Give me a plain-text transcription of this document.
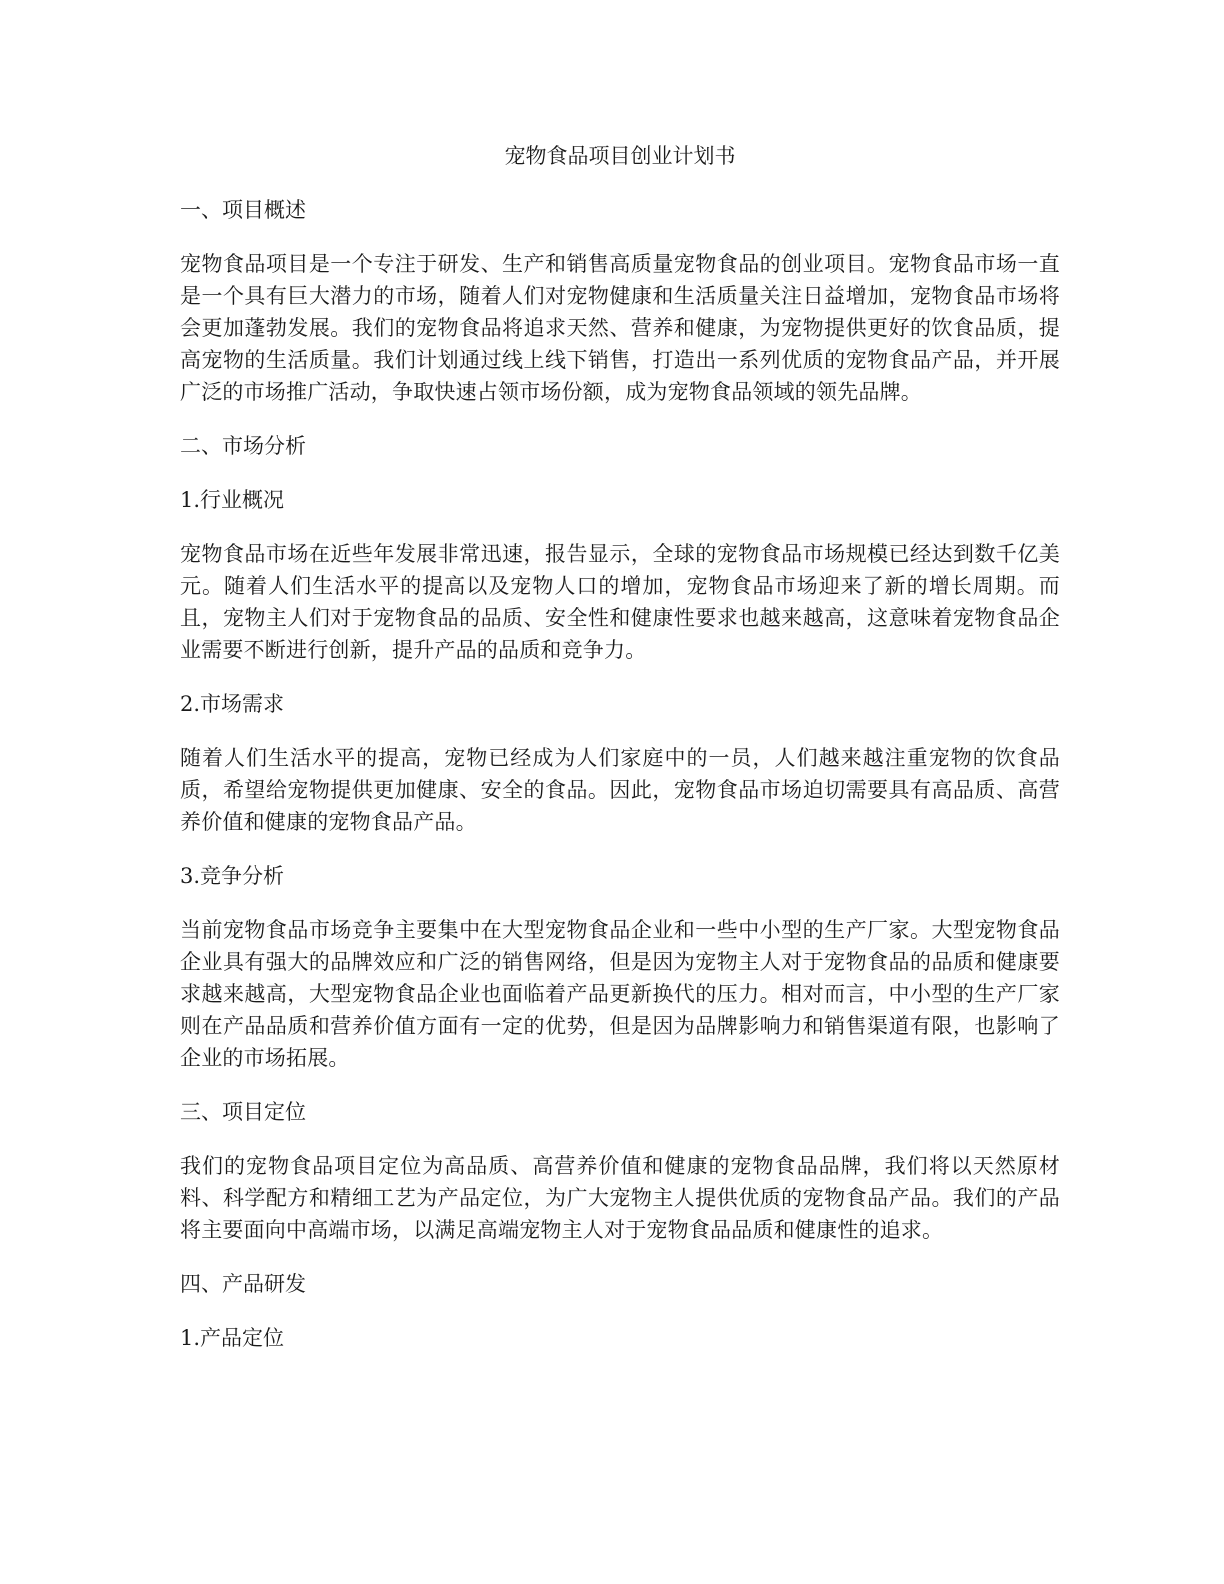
宠物食品项目创业计划书
一、项目概述
宠物食品项目是一个专注于研发、生产和销售高质量宠物食品的创业项目。宠物食品市场一直是一个具有巨大潜力的市场，随着人们对宠物健康和生活质量关注日益增加，宠物食品市场将会更加蓬勃发展。我们的宠物食品将追求天然、营养和健康，为宠物提供更好的饮食品质，提高宠物的生活质量。我们计划通过线上线下销售，打造出一系列优质的宠物食品产品，并开展广泛的市场推广活动，争取快速占领市场份额，成为宠物食品领域的领先品牌。
二、市场分析
1.行业概况
宠物食品市场在近些年发展非常迅速，报告显示，全球的宠物食品市场规模已经达到数千亿美元。随着人们生活水平的提高以及宠物人口的增加，宠物食品市场迎来了新的增长周期。而且，宠物主人们对于宠物食品的品质、安全性和健康性要求也越来越高，这意味着宠物食品企业需要不断进行创新，提升产品的品质和竞争力。
2.市场需求
随着人们生活水平的提高，宠物已经成为人们家庭中的一员，人们越来越注重宠物的饮食品质，希望给宠物提供更加健康、安全的食品。因此，宠物食品市场迫切需要具有高品质、高营养价值和健康的宠物食品产品。
3.竞争分析
当前宠物食品市场竞争主要集中在大型宠物食品企业和一些中小型的生产厂家。大型宠物食品企业具有强大的品牌效应和广泛的销售网络，但是因为宠物主人对于宠物食品的品质和健康要求越来越高，大型宠物食品企业也面临着产品更新换代的压力。相对而言，中小型的生产厂家则在产品品质和营养价值方面有一定的优势，但是因为品牌影响力和销售渠道有限，也影响了企业的市场拓展。
三、项目定位
我们的宠物食品项目定位为高品质、高营养价值和健康的宠物食品品牌，我们将以天然原材料、科学配方和精细工艺为产品定位，为广大宠物主人提供优质的宠物食品产品。我们的产品将主要面向中高端市场，以满足高端宠物主人对于宠物食品品质和健康性的追求。
四、产品研发
1.产品定位
